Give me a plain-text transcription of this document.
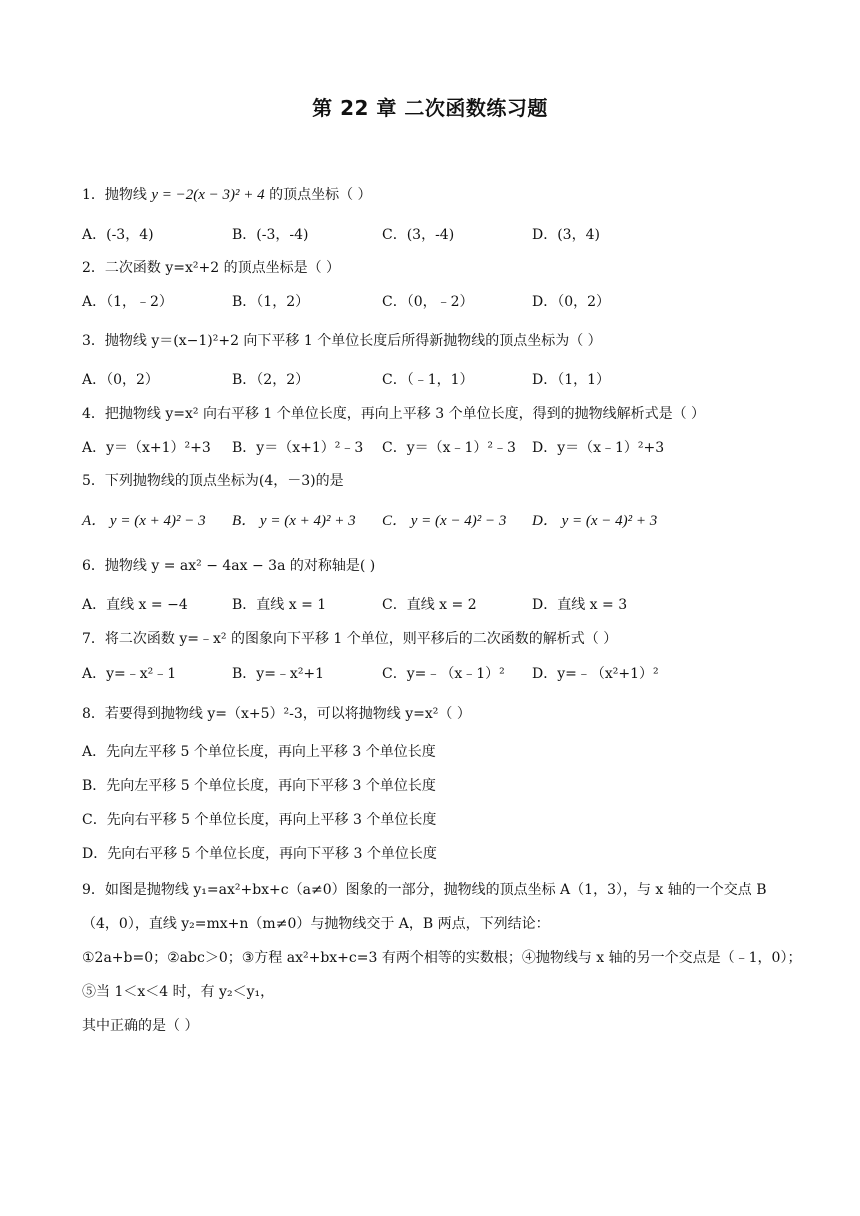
第 22 章 二次函数练习题
1．抛物线 y = −2(x − 3)² + 4 的顶点坐标（ ）
A．(-3，4)	B．(-3，-4)	C．(3，-4)	D．(3，4)
2．二次函数 y=x²+2 的顶点坐标是（ ）
A．（1，﹣2）	B．（1，2）	C．（0，﹣2）	D．（0，2）
3．抛物线 y＝(x−1)²+2 向下平移 1 个单位长度后所得新抛物线的顶点坐标为（ ）
A．（0，2）	B．（2，2）	C．（﹣1，1）	D．（1，1）
4．把抛物线 y=x² 向右平移 1 个单位长度，再向上平移 3 个单位长度，得到的抛物线解析式是（ ）
A．y＝（x+1）²+3 B．y＝（x+1）²﹣3 C．y＝（x﹣1）²﹣3 D．y＝（x﹣1）²+3
5．下列抛物线的顶点坐标为(4，－3)的是
A． y = (x + 4)² − 3 B． y = (x + 4)² + 3 C． y = (x − 4)² − 3 D． y = (x − 4)² + 3
6．抛物线 y = ax² − 4ax − 3a 的对称轴是( )
A．直线 x = −4	B．直线 x = 1	C．直线 x = 2	D．直线 x = 3
7．将二次函数 y=﹣x² 的图象向下平移 1 个单位，则平移后的二次函数的解析式（ ）
A．y=﹣x²﹣1	B．y=﹣x²+1	C．y=﹣（x﹣1）² D．y=﹣（x²+1）²
8．若要得到抛物线 y=（x+5）²-3，可以将抛物线 y=x²（ ）
A．先向左平移 5 个单位长度，再向上平移 3 个单位长度
B．先向左平移 5 个单位长度，再向下平移 3 个单位长度
C．先向右平移 5 个单位长度，再向上平移 3 个单位长度
D．先向右平移 5 个单位长度，再向下平移 3 个单位长度
9．如图是抛物线 y₁=ax²+bx+c（a≠0）图象的一部分，抛物线的顶点坐标 A（1，3），与 x 轴的一个交点 B
（4，0），直线 y₂=mx+n（m≠0）与抛物线交于 A，B 两点，下列结论：
①2a+b=0；②abc＞0；③方程 ax²+bx+c=3 有两个相等的实数根；④抛物线与 x 轴的另一个交点是（﹣1，0）；
⑤当 1＜x＜4 时，有 y₂＜y₁，
其中正确的是（ ）
